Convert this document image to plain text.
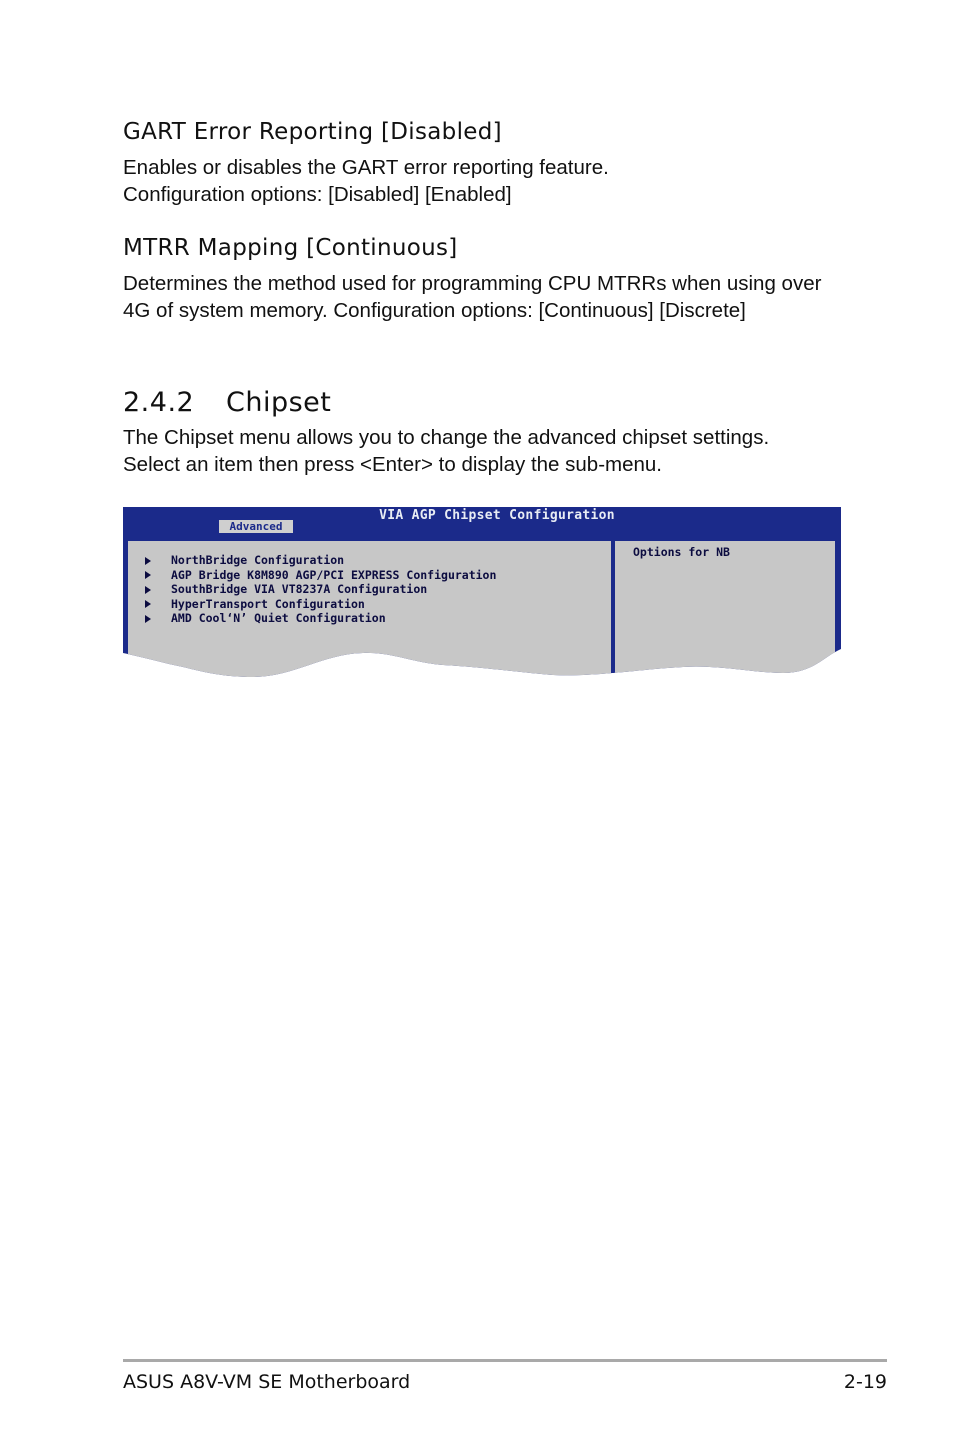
GART Error Reporting [Disabled]

Enables or disables the GART error reporting feature.

Configuration options: [Disabled] [Enabled]

MTRR Mapping [Continuous]

Determines the method used for programming CPU MTRRs when using over

4G of system memory. Configuration options: [Continuous] [Discrete]

2.4.2 Chipset

The Chipset menu allows you to change the advanced chipset settings.

Select an item then press <Enter> to display the sub-menu.

VIA AGP Chipset Configuration
Advanced
NorthBridge Configuration
AGP Bridge K8M890 AGP/PCI EXPRESS Configuration
SouthBridge VIA VT8237A Configuration
HyperTransport Configuration
AMD Cool‘N’ Quiet Configuration
Options for NB
ASUS A8V-VM SE Motherboard	2-19
